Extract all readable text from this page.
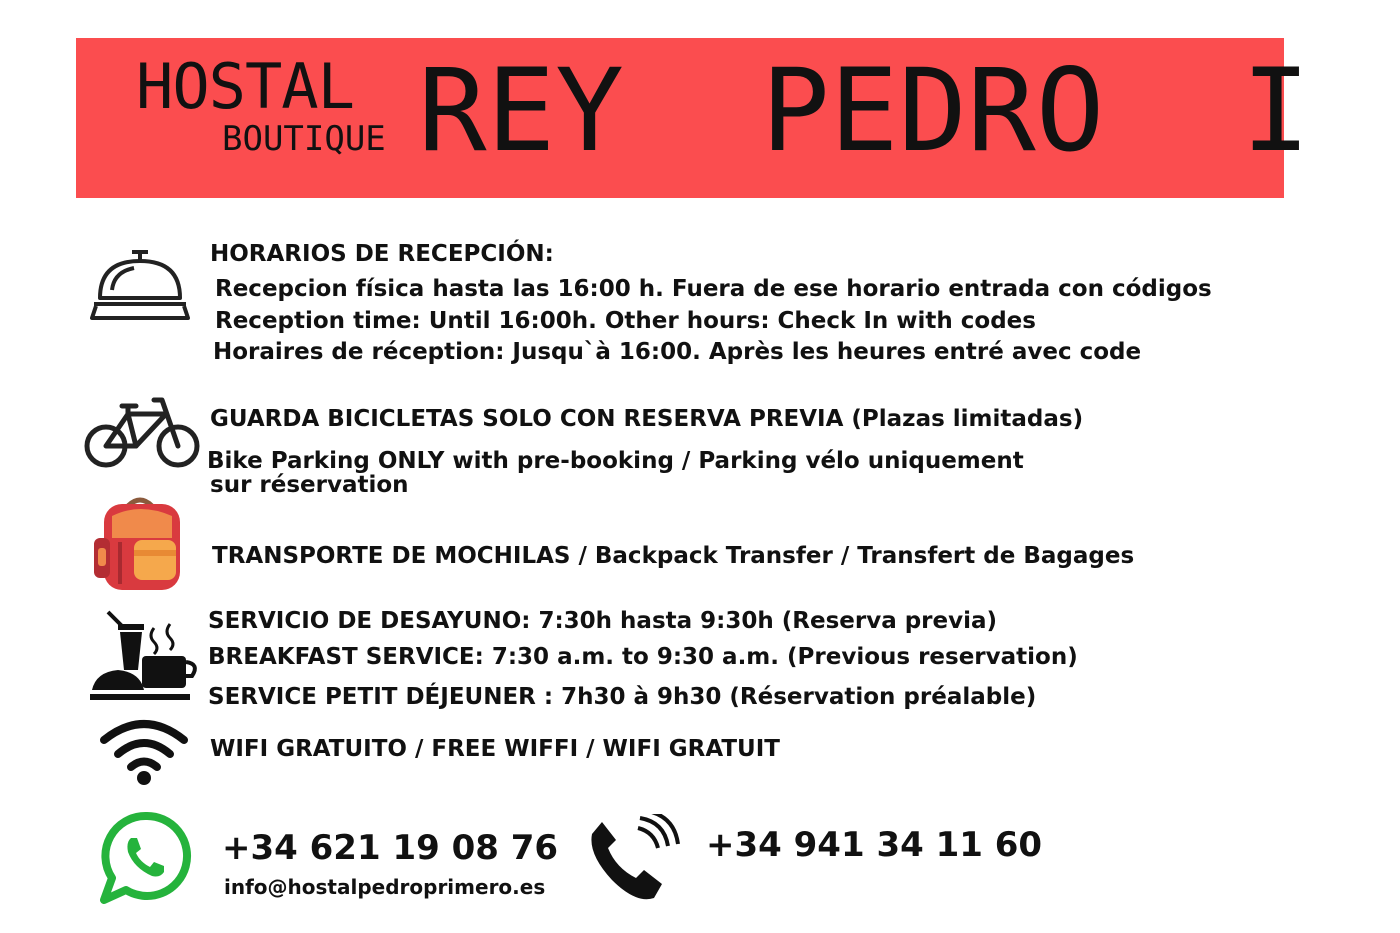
HOSTAL
BOUTIQUE REY  PEDRO  I
HORARIOS DE RECEPCIÓN:
Recepcion física hasta las 16:00 h. Fuera de ese horario entrada con códigos
Reception time: Until 16:00h. Other hours: Check In with codes
Horaires de réception: Jusqu`à 16:00. Après les heures entré avec code
GUARDA BICICLETAS SOLO CON RESERVA PREVIA (Plazas limitadas)
Bike Parking ONLY with pre-booking / Parking vélo uniquement
sur réservation
TRANSPORTE DE MOCHILAS / Backpack Transfer / Transfert de Bagages
SERVICIO DE DESAYUNO: 7:30h hasta 9:30h (Reserva previa)
BREAKFAST SERVICE: 7:30 a.m. to 9:30 a.m. (Previous reservation)
SERVICE PETIT DÉJEUNER : 7h30 à 9h30 (Réservation préalable)
WIFI GRATUITO / FREE WIFFI / WIFI GRATUIT
+34 621 19 08 76
info@hostalpedroprimero.es
+34 941 34 11 60
